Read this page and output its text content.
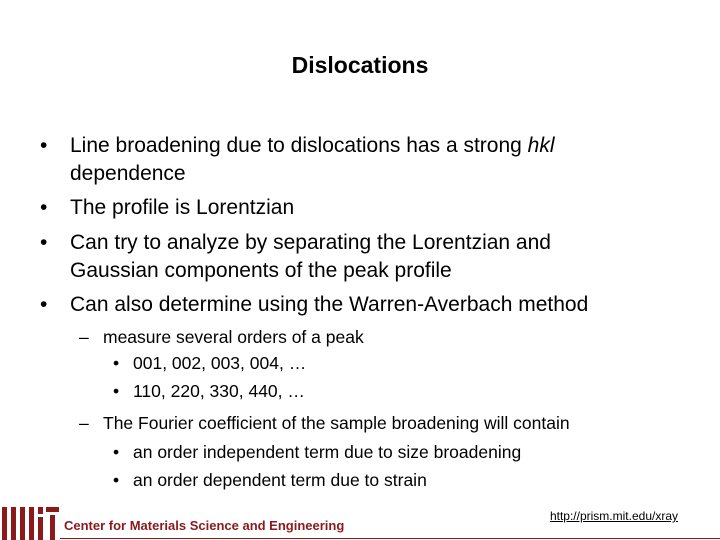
Dislocations
• Line broadening due to dislocations has a strong hkl
dependence
• The profile is Lorentzian
• Can try to analyze by separating the Lorentzian and
Gaussian components of the peak profile
• Can also determine using the Warren-Averbach method
– measure several orders of a peak
• 001, 002, 003, 004, …
• 110, 220, 330, 440, …
– The Fourier coefficient of the sample broadening will contain
• an order independent term due to size broadening
• an order dependent term due to strain
Center for Materials Science and Engineering
http://prism.mit.edu/xray
